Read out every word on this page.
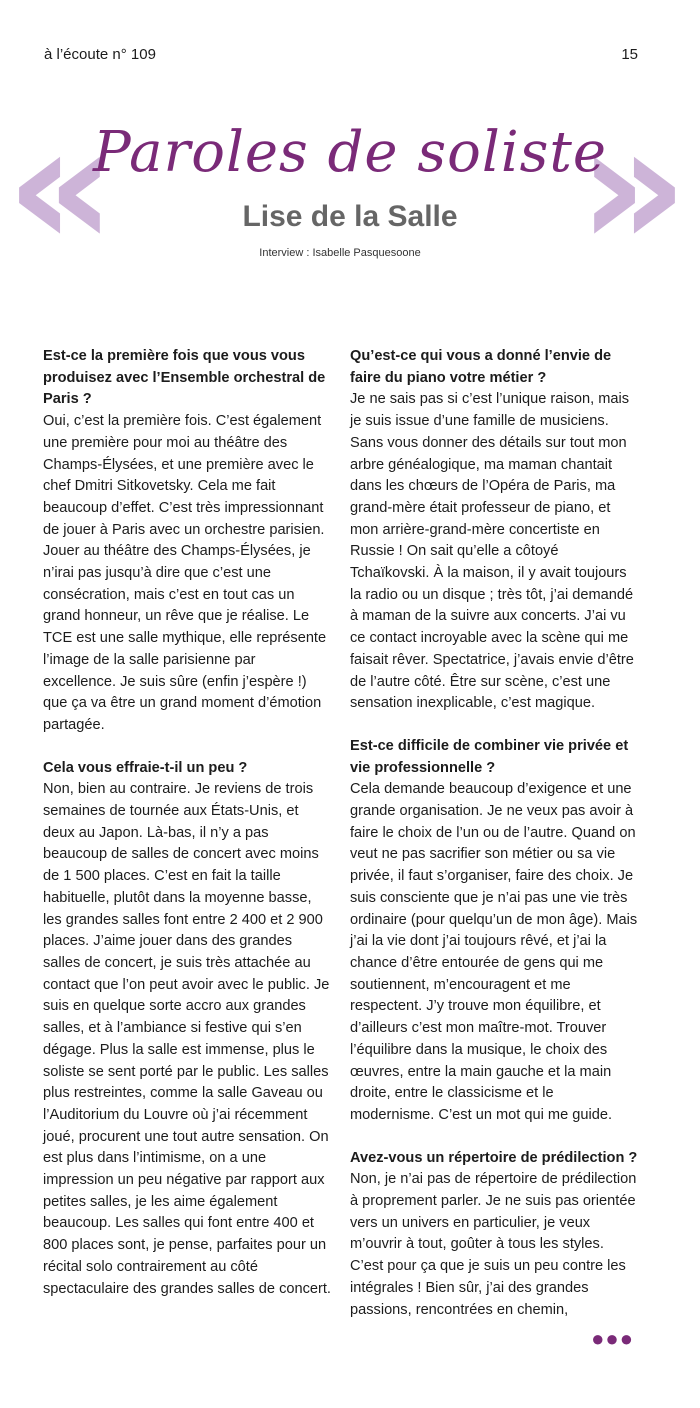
à l’écoute n° 109	15
«	»
Paroles de soliste
Lise de la Salle
Interview : Isabelle Pasquesoone

Est-ce la première fois que vous vous produisez avec l’Ensemble orchestral de Paris ?

Oui, c’est la première fois. C’est également une première pour moi au théâtre des Champs-Élysées, et une première avec le chef Dmitri Sitkovetsky. Cela me fait beaucoup d’effet. C’est très impressionnant de jouer à Paris avec un orchestre parisien. Jouer au théâtre des Champs-Élysées, je n’irai pas jusqu’à dire que c’est une consécration, mais c’est en tout cas un grand honneur, un rêve que je réalise. Le TCE est une salle mythique, elle représente l’image de la salle parisienne par excellence. Je suis sûre (enfin j’espère !) que ça va être un grand moment d’émotion partagée.

Cela vous effraie-t-il un peu ?

Non, bien au contraire. Je reviens de trois semaines de tournée aux États-Unis, et deux au Japon. Là-bas, il n’y a pas beaucoup de salles de concert avec moins de 1 500 places. C’est en fait la taille habituelle, plutôt dans la moyenne basse, les grandes salles font entre 2 400 et 2 900 places. J’aime jouer dans des grandes salles de concert, je suis très attachée au contact que l’on peut avoir avec le public. Je suis en quelque sorte accro aux grandes salles, et à l’ambiance si festive qui s’en dégage. Plus la salle est immense, plus le soliste se sent porté par le public. Les salles plus restreintes, comme la salle Gaveau ou l’Auditorium du Louvre où j’ai récemment joué, procurent une tout autre sensation. On est plus dans l’intimisme, on a une impression un peu négative par rapport aux petites salles, je les aime également beaucoup. Les salles qui font entre 400 et 800 places sont, je pense, parfaites pour un récital solo contrairement au côté spectaculaire des grandes salles de concert.

Qu’est-ce qui vous a donné l’envie de faire du piano votre métier ?

Je ne sais pas si c’est l’unique raison, mais je suis issue d’une famille de musiciens. Sans vous donner des détails sur tout mon arbre généalogique, ma maman chantait dans les chœurs de l’Opéra de Paris, ma grand-mère était professeur de piano, et mon arrière-grand-mère concertiste en Russie ! On sait qu’elle a côtoyé Tchaïkovski. À la maison, il y avait toujours la radio ou un disque ; très tôt, j’ai demandé à maman de la suivre aux concerts. J’ai vu ce contact incroyable avec la scène qui me faisait rêver. Spectatrice, j’avais envie d’être de l’autre côté. Être sur scène, c’est une sensation inexplicable, c’est magique.

Est-ce difficile de combiner vie privée et vie professionnelle ?

Cela demande beaucoup d’exigence et une grande organisation. Je ne veux pas avoir à faire le choix de l’un ou de l’autre. Quand on veut ne pas sacrifier son métier ou sa vie privée, il faut s’organiser, faire des choix. Je suis consciente que je n’ai pas une vie très ordinaire (pour quelqu’un de mon âge). Mais j’ai la vie dont j’ai toujours rêvé, et j’ai la chance d’être entourée de gens qui me soutiennent, m’encouragent et me respectent. J’y trouve mon équilibre, et d’ailleurs c’est mon maître-mot. Trouver l’équilibre dans la musique, le choix des œuvres, entre la main gauche et la main droite, entre le classicisme et le modernisme. C’est un mot qui me guide.

Avez-vous un répertoire de prédilection ?

Non, je n’ai pas de répertoire de prédilection à proprement parler. Je ne suis pas orientée vers un univers en particulier, je veux m’ouvrir à tout, goûter à tous les styles. C’est pour ça que je suis un peu contre les intégrales ! Bien sûr, j’ai des grandes passions, rencontrées en chemin,

●●●
